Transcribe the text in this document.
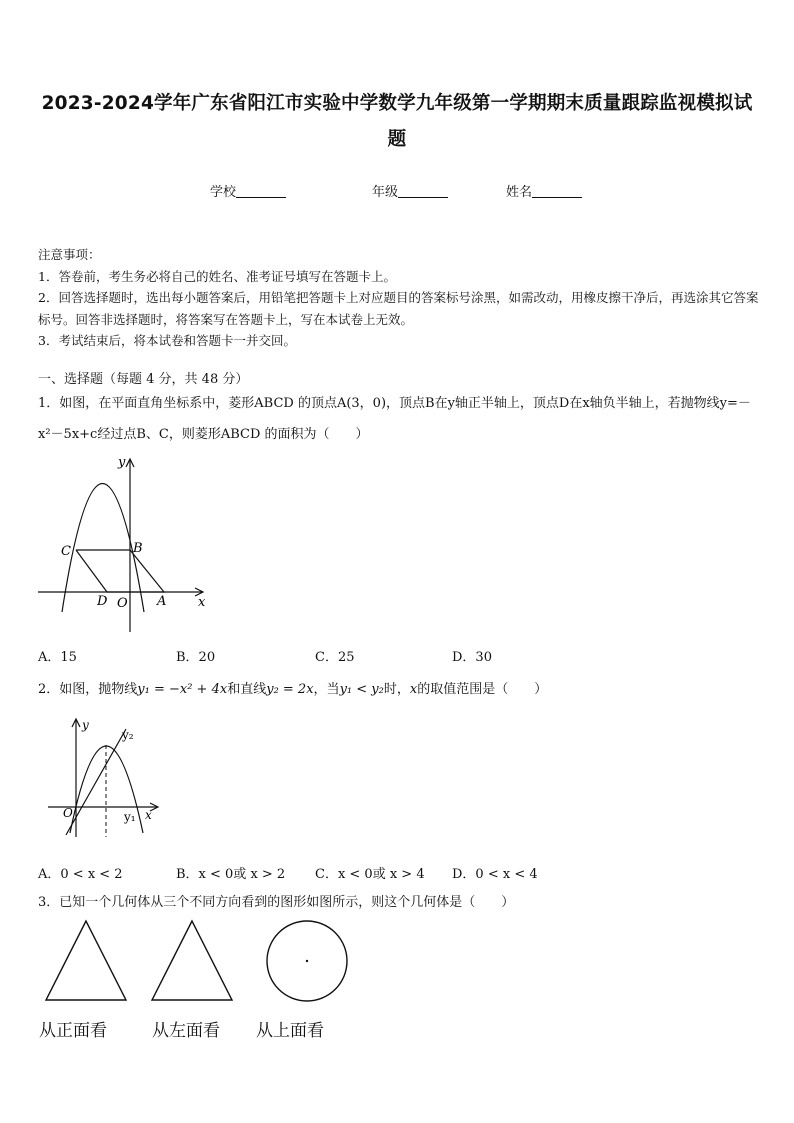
2023-2024学年广东省阳江市实验中学数学九年级第一学期期末质量跟踪监视模拟试
题
学校	年级	姓名

注意事项：

1．答卷前，考生务必将自己的姓名、准考证号填写在答题卡上。

2．回答选择题时，选出每小题答案后，用铅笔把答题卡上对应题目的答案标号涂黑，如需改动，用橡皮擦干净后，再选涂其它答案标号。回答非选择题时，将答案写在答题卡上，写在本试卷上无效。

3．考试结束后，将本试卷和答题卡一并交回。

一、选择题（每题 4 分，共 48 分）
1．如图，在平面直角坐标系中，菱形ABCD 的顶点A(3，0)，顶点B在y轴正半轴上，顶点D在x轴负半轴上，若抛物线y=－x²－5x+c经过点B、C，则菱形ABCD 的面积为（　　）
y
x
C	B
D O A
A．15	B．20	C．25	D．30
2．如图，抛物线y₁ = −x² + 4x和直线y₂ = 2x，当y₁ < y₂时，x的取值范围是（　　）
y
x
y₂
y₁
O
A．0 < x < 2	B．x < 0或 x > 2 C．x < 0或 x > 4 D．0 < x < 4
3．已知一个几何体从三个不同方向看到的图形如图所示，则这个几何体是（　　）
从正面看	从左面看 从上面看
